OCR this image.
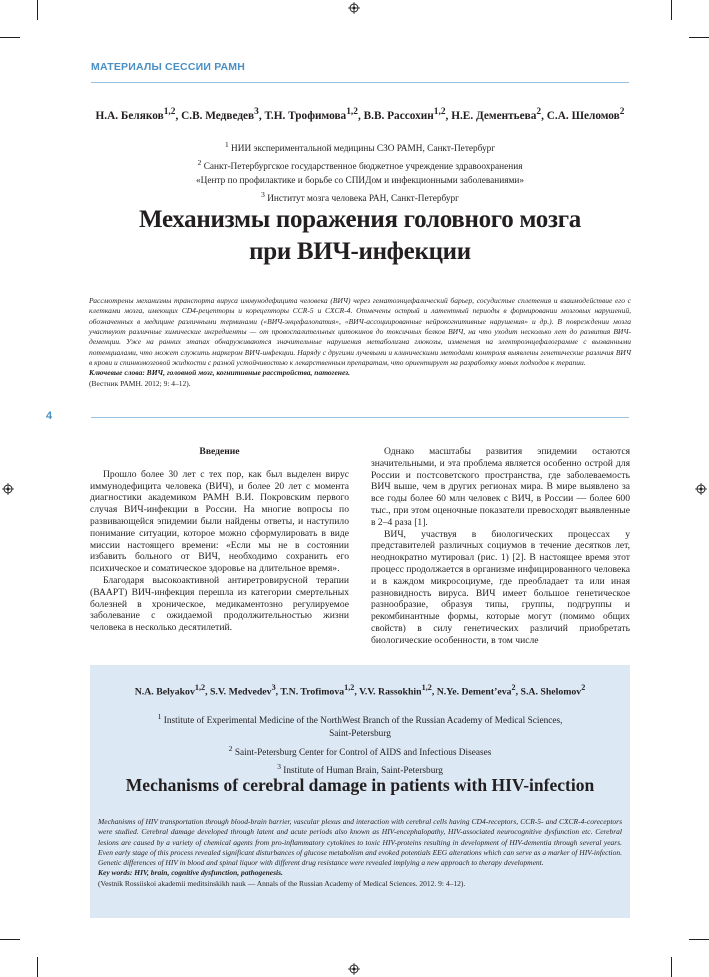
МАТЕРИАЛЫ СЕССИИ РАМН
Н.А. Беляков$^{1,2}$, С.В. Медведев$^3$, Т.Н. Трофимова$^{1,2}$, В.В. Рассохин$^{1,2}$, Н.Е. Дементьева$^2$, С.А. Шеломов$^2$
$^1$ НИИ экспериментальной медицины СЗО РАМН, Санкт-Петербург
$^2$ Санкт-Петербургское государственное бюджетное учреждение здравоохранения
«Центр по профилактике и борьбе со СПИДом и инфекционными заболеваниями»
$^3$ Институт мозга человека РАН, Санкт-Петербург
Механизмы поражения головного мозга
при ВИЧ-инфекции
Рассмотрены механизмы транспорта вируса иммунодефицита человека (ВИЧ) через гематоэнцефалический барьер, сосудистые сплетения и взаимодействие его с клетками мозга, имеющих CD4-рецепторы и корецепторы CCR-5 и CXCR-4. Отмечены острый и латентный периоды в формировании мозговых нарушений, обозначенных в медицине различными терминами («ВИЧ-энцефалопатия», «ВИЧ-ассоциированные нейрокогнитивные нарушения» и др.). В повреждении мозга участвуют различные химические ингредиенты — от провоспалительных цитокинов до токсичных белков ВИЧ, на что уходит несколько лет до развития ВИЧ-деменции. Уже на ранних этапах обнаруживаются значительные нарушения метаболизма глюкозы, изменения на электроэнцефалограмме с вызванными потенциалами, что может служить маркером ВИЧ-инфекции. Наряду с другими лучевыми и клиническими методами контроля выявлены генетические различия ВИЧ в крови и спинномозговой жидкости с разной устойчивостью к лекарственным препаратам, что ориентирует на разработку новых подходов к терапии.
Ключевые слова: ВИЧ, головной мозг, когнитивные расстройства, патогенез.
(Вестник РАМН. 2012; 9: 4–12).
4

Введение

Прошло более 30 лет с тех пор, как был выделен вирус иммунодефицита человека (ВИЧ), и более 20 лет с момента диагностики академиком РАМН В.И. Покровским первого случая ВИЧ-инфекции в России. На многие вопросы по развивающейся эпидемии были найдены ответы, и наступило понимание ситуации, которое можно сформулировать в виде миссии настоящего времени: «Если мы не в состоянии избавить больного от ВИЧ, необходимо сохранить его психическое и соматическое здоровье на длительное время».

Благодаря высокоактивной антиретровирусной терапии (ВААРТ) ВИЧ-инфекция перешла из категории смертельных болезней в хроническое, медикаментозно регулируемое заболевание с ожидаемой продолжительностью жизни человека в несколько десятилетий.

Однако масштабы развития эпидемии остаются значительными, и эта проблема является особенно острой для России и постсоветского пространства, где заболеваемость ВИЧ выше, чем в других регионах мира. В мире выявлено за все годы более 60 млн человек с ВИЧ, в России — более 600 тыс., при этом оценочные показатели превосходят выявленные в 2–4 раза [1].

ВИЧ, участвуя в биологических процессах у представителей различных социумов в течение десятков лет, неоднократно мутировал (рис. 1) [2]. В настоящее время этот процесс продолжается в организме инфицированного человека и в каждом микросоциуме, где преобладает та или иная разновидность вируса. ВИЧ имеет большое генетическое разнообразие, образуя типы, группы, подгруппы и рекомбинантные формы, которые могут (помимо общих свойств) в силу генетических различий приобретать биологические особенности, в том числе

N.A. Belyakov$^{1,2}$, S.V. Medvedev$^3$, T.N. Trofimova$^{1,2}$, V.V. Rassokhin$^{1,2}$, N.Ye. Dement’eva$^2$, S.A. Shelomov$^2$
$^1$ Institute of Experimental Medicine of the NorthWest Branch of the Russian Academy of Medical Sciences,
Saint-Petersburg
$^2$ Saint-Petersburg Center for Control of AIDS and Infectious Diseases
$^3$ Institute of Human Brain, Saint-Petersburg
Mechanisms of cerebral damage in patients with HIV-infection
Mechanisms of HIV transportation through blood-brain barrier, vascular plexus and interaction with cerebral cells having CD4-receptors, CCR-5- and CXCR-4-coreceptors were studied. Cerebral damage developed through latent and acute periods also known as HIV-encephalopathy, HIV-associated neurocognitive dysfunction etc. Cerebral lesions are caused by a variety of chemical agents from pro-inflammatory cytokines to toxic HIV-proteins resulting in development of HIV-dementia through several years. Even early stage of this process revealed significant disturbances of glucose metabolism and evoked potentials EEG alterations which can serve as a marker of HIV-infection. Genetic differences of HIV in blood and spinal liquor with different drug resistance were revealed implying a new approach to therapy development.
Key words: HIV, brain, cognitive dysfunction, pathogenesis.
(Vestnik Rossiiskoi akademii meditsinskikh nauk — Annals of the Russian Academy of Medical Sciences. 2012. 9: 4–12).
